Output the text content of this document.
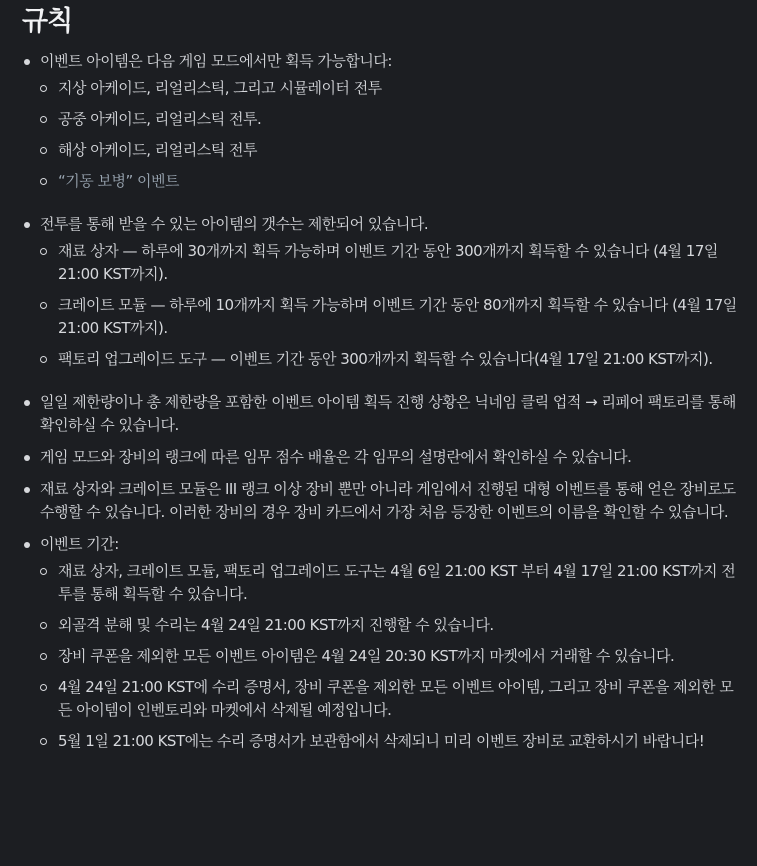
규칙
이벤트 아이템은 다음 게임 모드에서만 획득 가능합니다:
지상 아케이드, 리얼리스틱, 그리고 시뮬레이터 전투
공중 아케이드, 리얼리스틱 전투.
해상 아케이드, 리얼리스틱 전투
“기동 보병” 이벤트
전투를 통해 받을 수 있는 아이템의 갯수는 제한되어 있습니다.
재료 상자 — 하루에 30개까지 획득 가능하며 이벤트 기간 동안 300개까지 획득할 수 있습니다 (4월 17일 21:00 KST까지).
크레이트 모듈 — 하루에 10개까지 획득 가능하며 이벤트 기간 동안 80개까지 획득할 수 있습니다 (4월 17일 21:00 KST까지).
팩토리 업그레이드 도구 — 이벤트 기간 동안 300개까지 획득할 수 있습니다(4월 17일 21:00 KST까지).
일일 제한량이나 총 제한량을 포함한 이벤트 아이템 획득 진행 상황은 닉네임 클릭 업적 → 리페어 팩토리를 통해 확인하실 수 있습니다.
게임 모드와 장비의 랭크에 따른 임무 점수 배율은 각 임무의 설명란에서 확인하실 수 있습니다.
재료 상자와 크레이트 모듈은 III 랭크 이상 장비 뿐만 아니라 게임에서 진행된 대형 이벤트를 통해 얻은 장비로도 수행할 수 있습니다. 이러한 장비의 경우 장비 카드에서 가장 처음 등장한 이벤트의 이름을 확인할 수 있습니다.
이벤트 기간:
재료 상자, 크레이트 모듈, 팩토리 업그레이드 도구는 4월 6일 21:00 KST 부터 4월 17일 21:00 KST까지 전투를 통해 획득할 수 있습니다.
외골격 분해 및 수리는 4월 24일 21:00 KST까지 진행할 수 있습니다.
장비 쿠폰을 제외한 모든 이벤트 아이템은 4월 24일 20:30 KST까지 마켓에서 거래할 수 있습니다.
4월 24일 21:00 KST에 수리 증명서, 장비 쿠폰을 제외한 모든 이벤트 아이템, 그리고 장비 쿠폰을 제외한 모든 아이템이 인벤토리와 마켓에서 삭제될 예정입니다.
5월 1일 21:00 KST에는 수리 증명서가 보관함에서 삭제되니 미리 이벤트 장비로 교환하시기 바랍니다!
